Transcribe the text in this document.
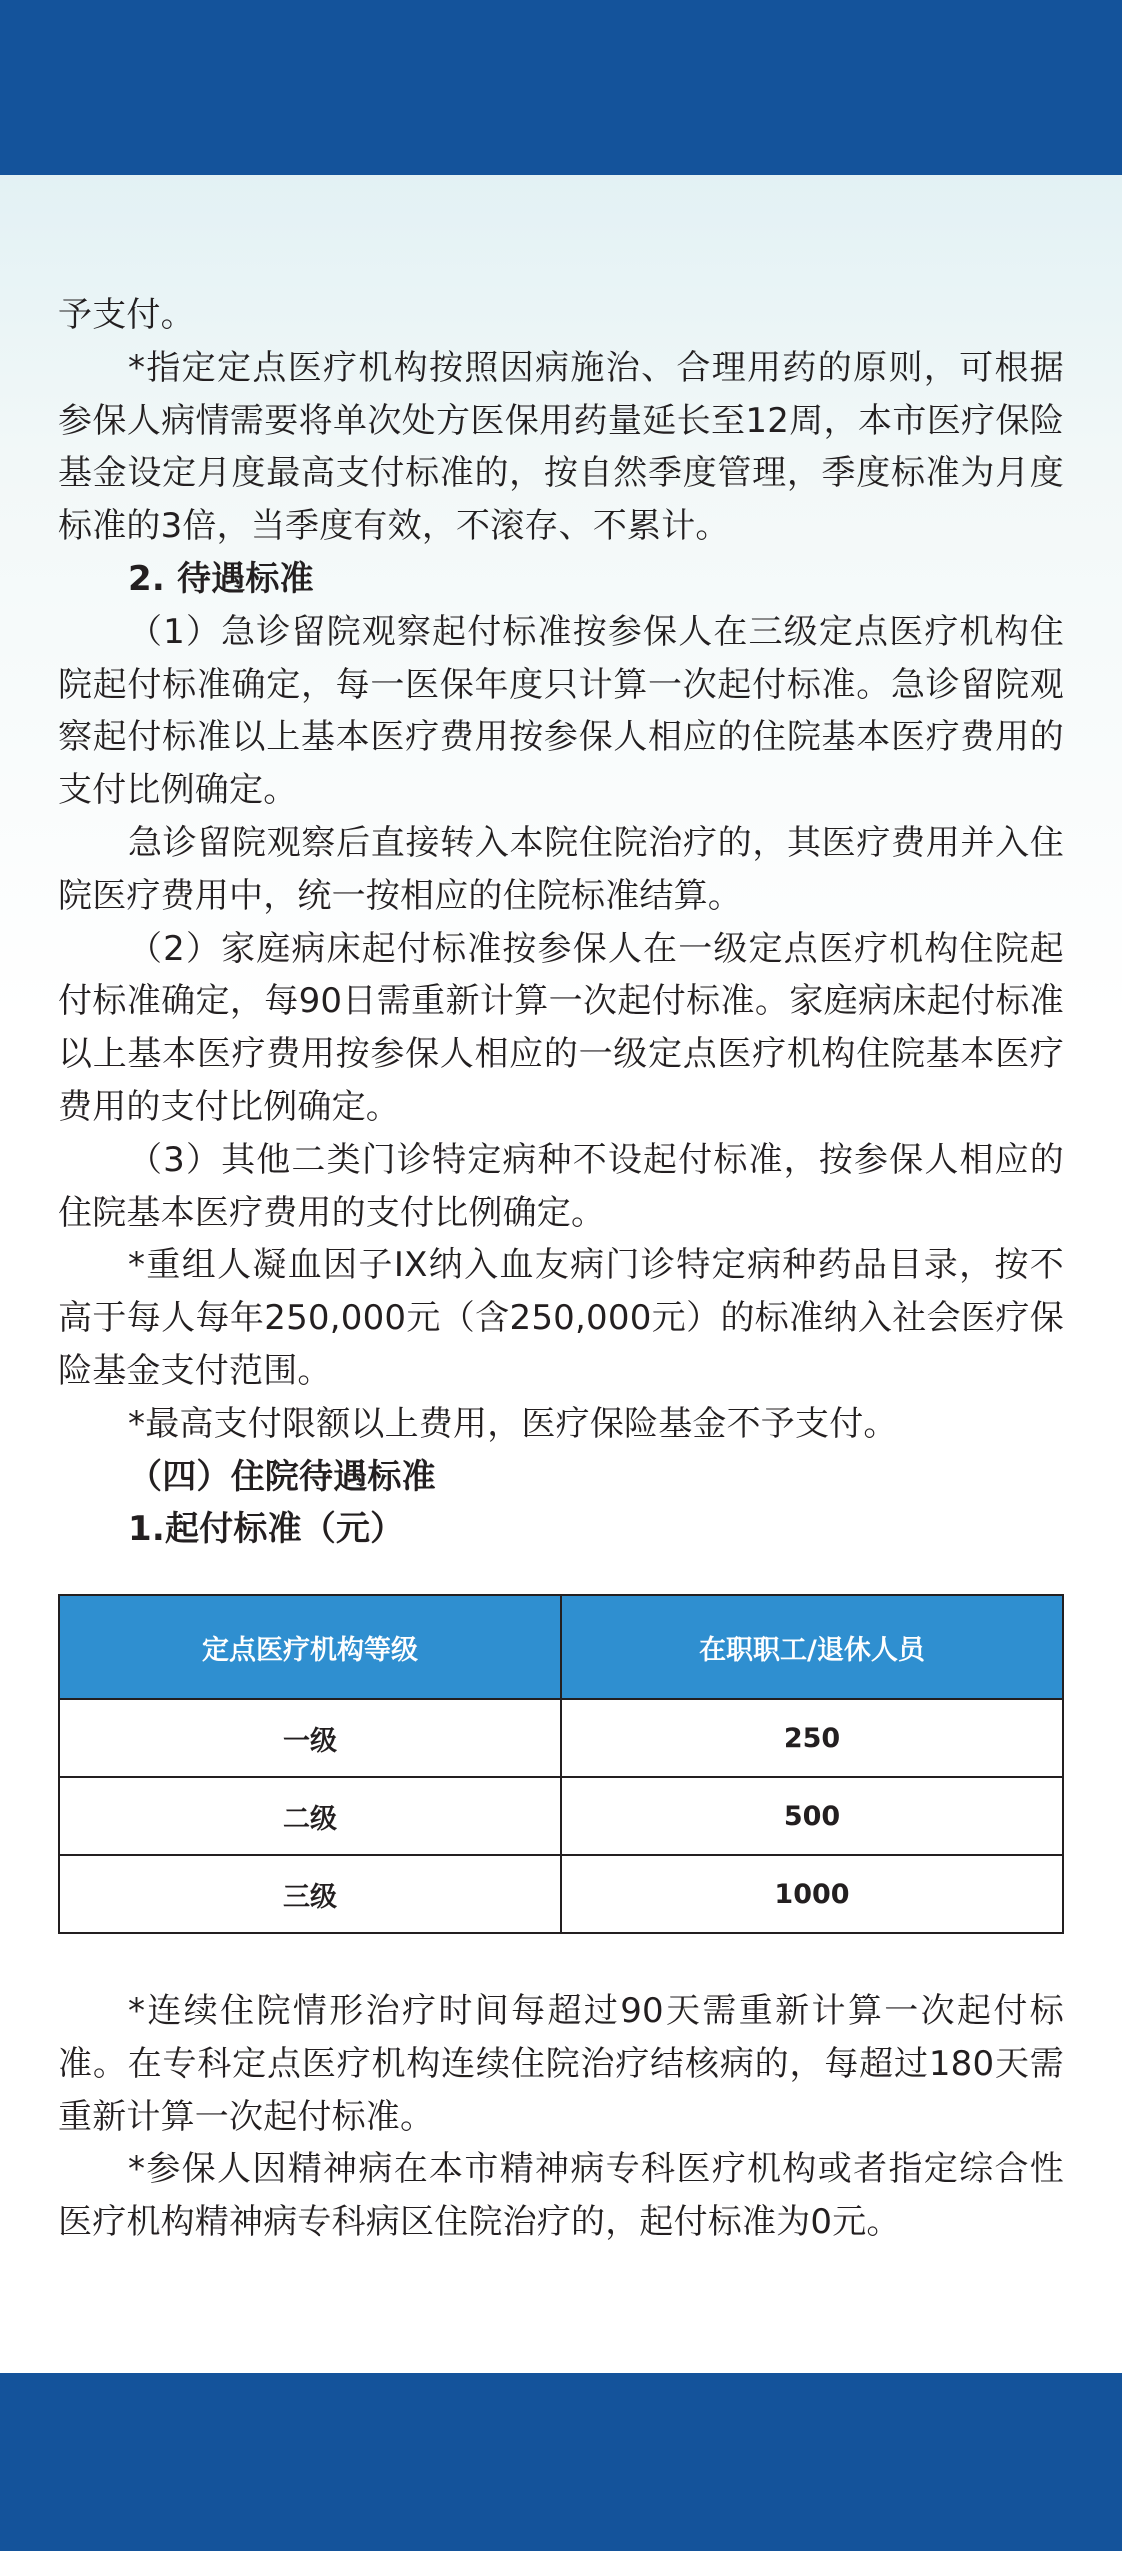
予支付。

*指定定点医疗机构按照因病施治、合理用药的原则，可根据参保人病情需要将单次处方医保用药量延长至12周，本市医疗保险基金设定月度最高支付标准的，按自然季度管理，季度标准为月度标准的3倍，当季度有效，不滚存、不累计。

2. 待遇标准

（1）急诊留院观察起付标准按参保人在三级定点医疗机构住院起付标准确定，每一医保年度只计算一次起付标准。急诊留院观察起付标准以上基本医疗费用按参保人相应的住院基本医疗费用的支付比例确定。

急诊留院观察后直接转入本院住院治疗的，其医疗费用并入住院医疗费用中，统一按相应的住院标准结算。

（2）家庭病床起付标准按参保人在一级定点医疗机构住院起付标准确定，每90日需重新计算一次起付标准。家庭病床起付标准以上基本医疗费用按参保人相应的一级定点医疗机构住院基本医疗费用的支付比例确定。

（3）其他二类门诊特定病种不设起付标准，按参保人相应的住院基本医疗费用的支付比例确定。

*重组人凝血因子IX纳入血友病门诊特定病种药品目录，按不高于每人每年250,000元（含250,000元）的标准纳入社会医疗保险基金支付范围。

*最高支付限额以上费用，医疗保险基金不予支付。

（四）住院待遇标准

1.起付标准（元）

定点医疗机构等级	在职职工/退休人员
一级	250
二级	500
三级	1000

*连续住院情形治疗时间每超过90天需重新计算一次起付标准。在专科定点医疗机构连续住院治疗结核病的，每超过180天需重新计算一次起付标准。

*参保人因精神病在本市精神病专科医疗机构或者指定综合性医疗机构精神病专科病区住院治疗的，起付标准为0元。
